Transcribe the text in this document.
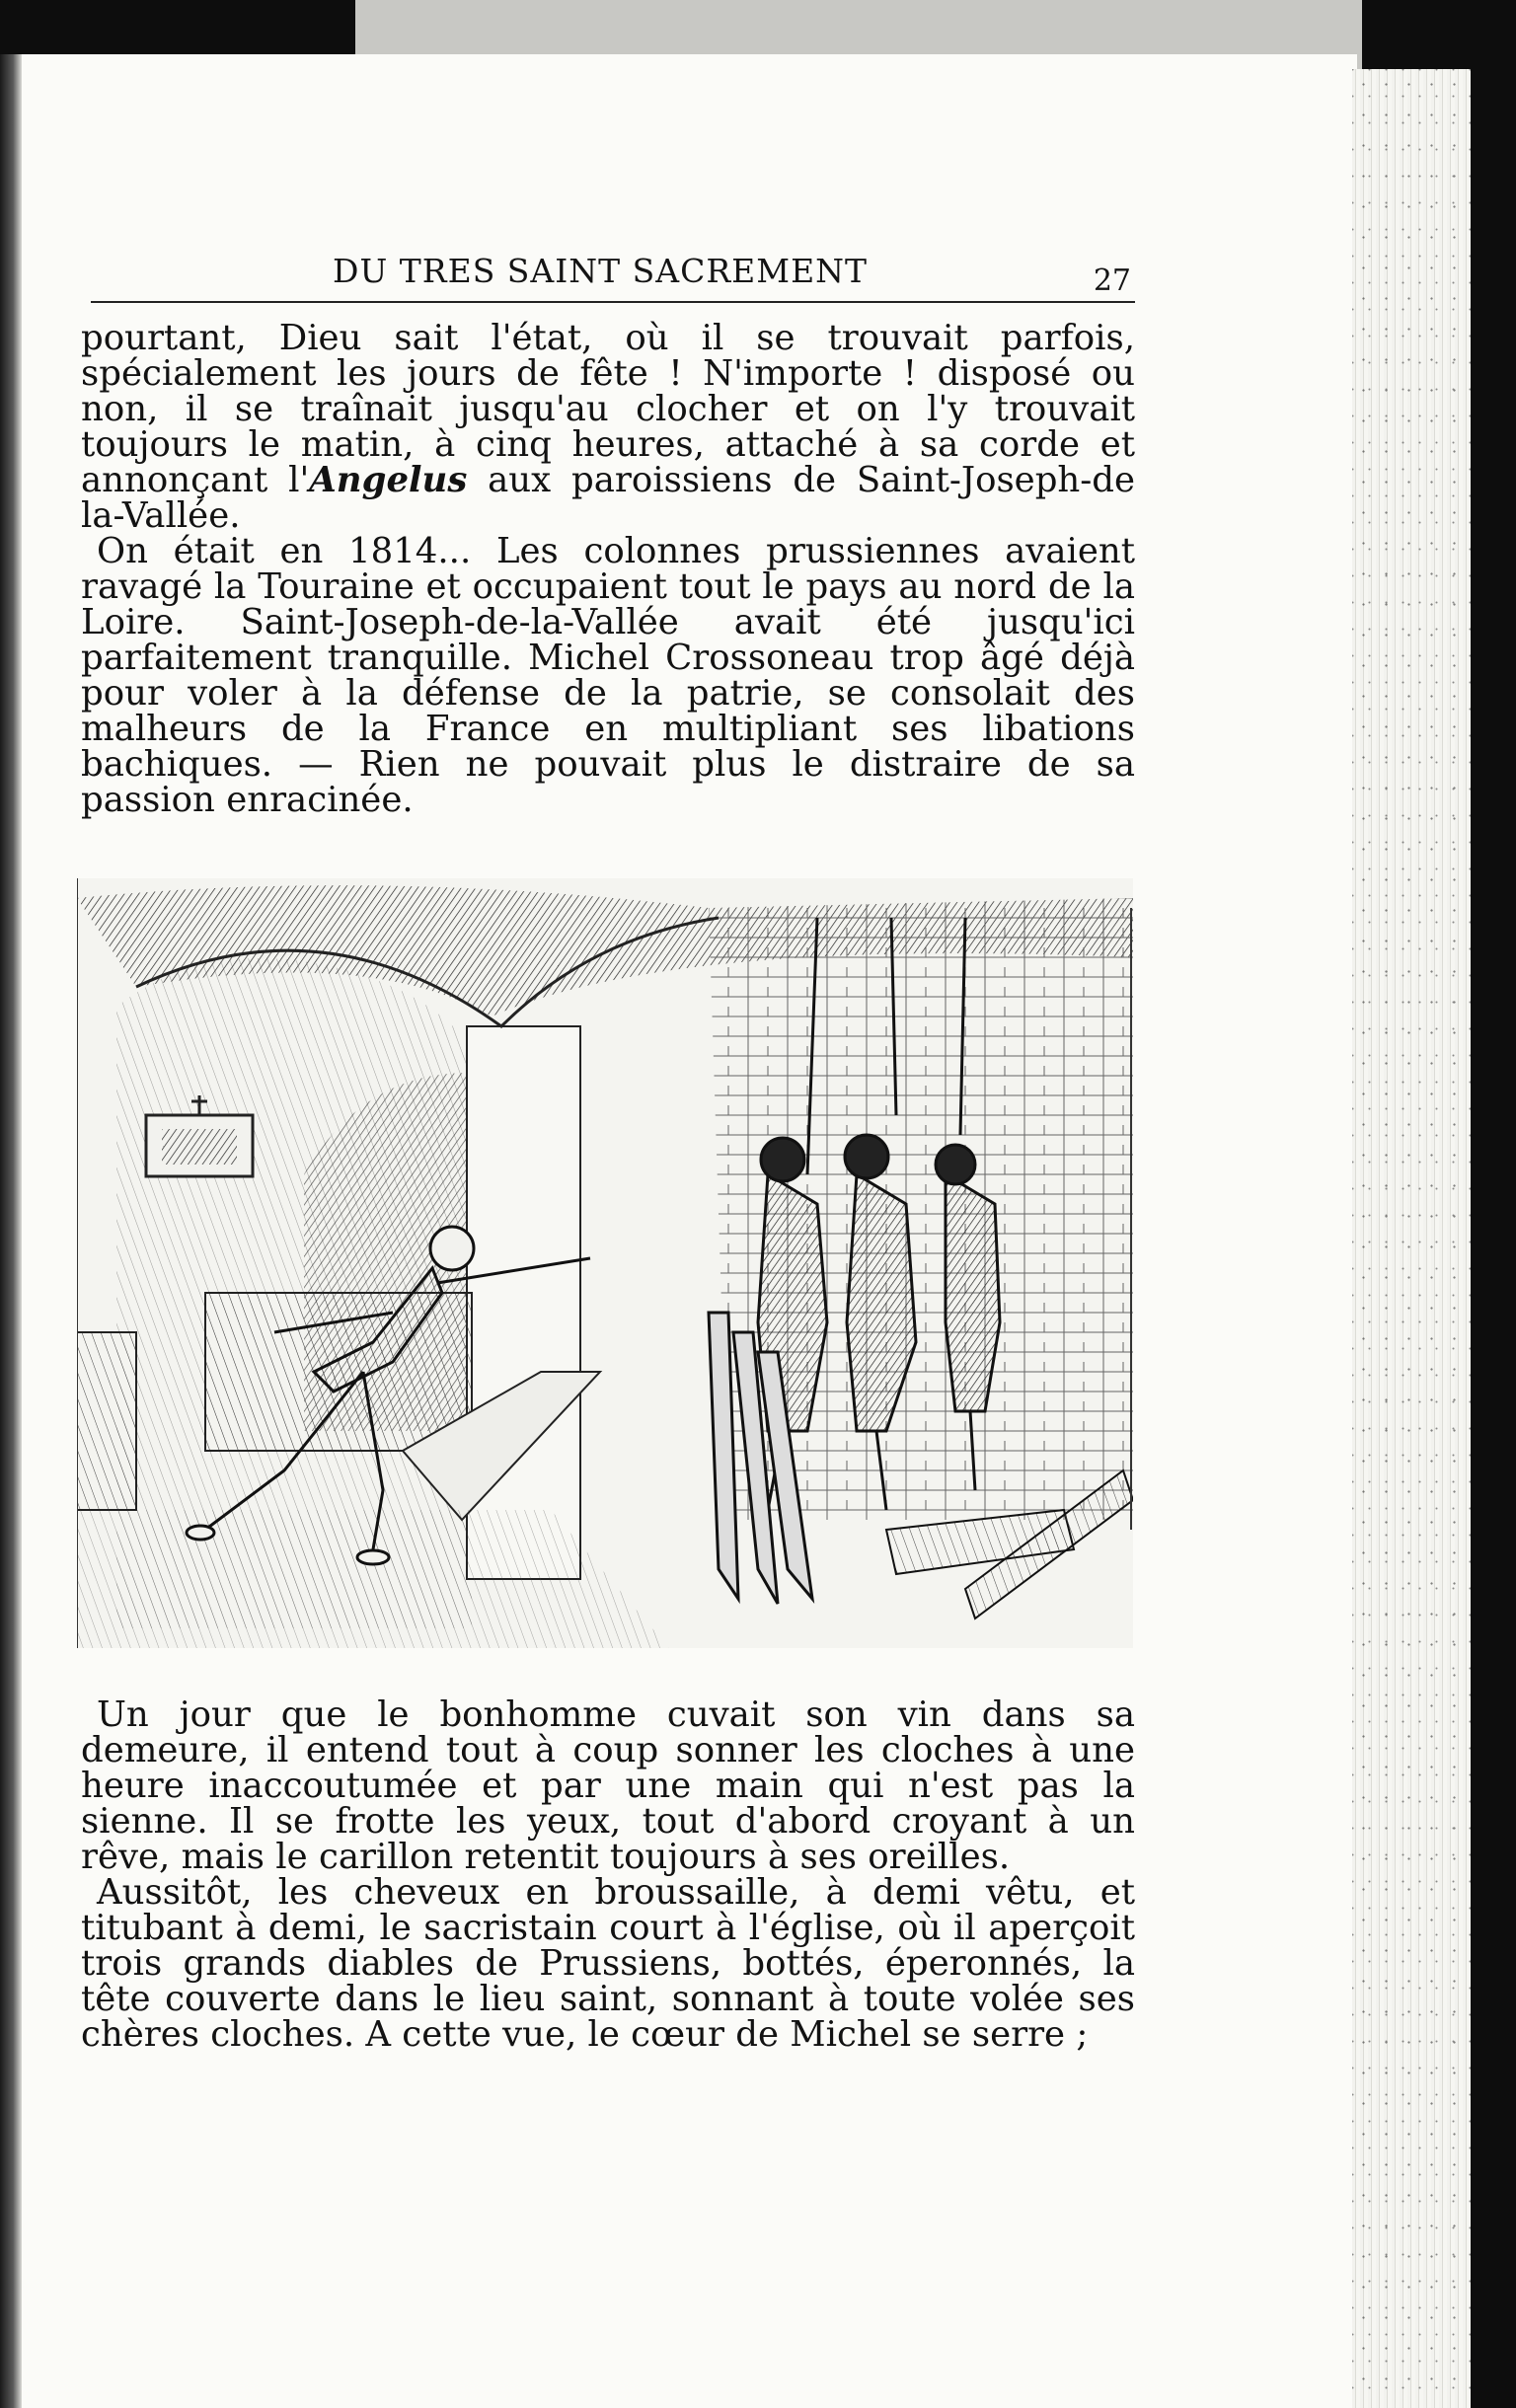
DU TRES SAINT SACREMENT	27

pourtant, Dieu sait l'état, où il se trouvait parfois, spécialement les jours de fête ! N'importe ! disposé ou non, il se traînait jusqu'au clocher et on l'y trouvait toujours le matin, à cinq heures, attaché à sa corde et annonçant l'Angelus aux paroissiens de Saint-Joseph-de la-Vallée.

On était en 1814... Les colonnes prussiennes avaient ravagé la Touraine et occupaient tout le pays au nord de la Loire. Saint-Joseph-de-la-Vallée avait été jusqu'ici parfaitement tranquille. Michel Crossoneau trop âgé déjà pour voler à la défense de la patrie, se consolait des malheurs de la France en multipliant ses libations bachiques. — Rien ne pouvait plus le distraire de sa passion enracinée.

Un jour que le bonhomme cuvait son vin dans sa demeure, il entend tout à coup sonner les cloches à une heure inaccoutumée et par une main qui n'est pas la sienne. Il se frotte les yeux, tout d'abord croyant à un rêve, mais le carillon retentit toujours à ses oreilles.

Aussitôt, les cheveux en broussaille, à demi vêtu, et titubant à demi, le sacristain court à l'église, où il aperçoit trois grands diables de Prussiens, bottés, éperonnés, la tête couverte dans le lieu saint, sonnant à toute volée ses chères cloches. A cette vue, le cœur de Michel se serre ;
